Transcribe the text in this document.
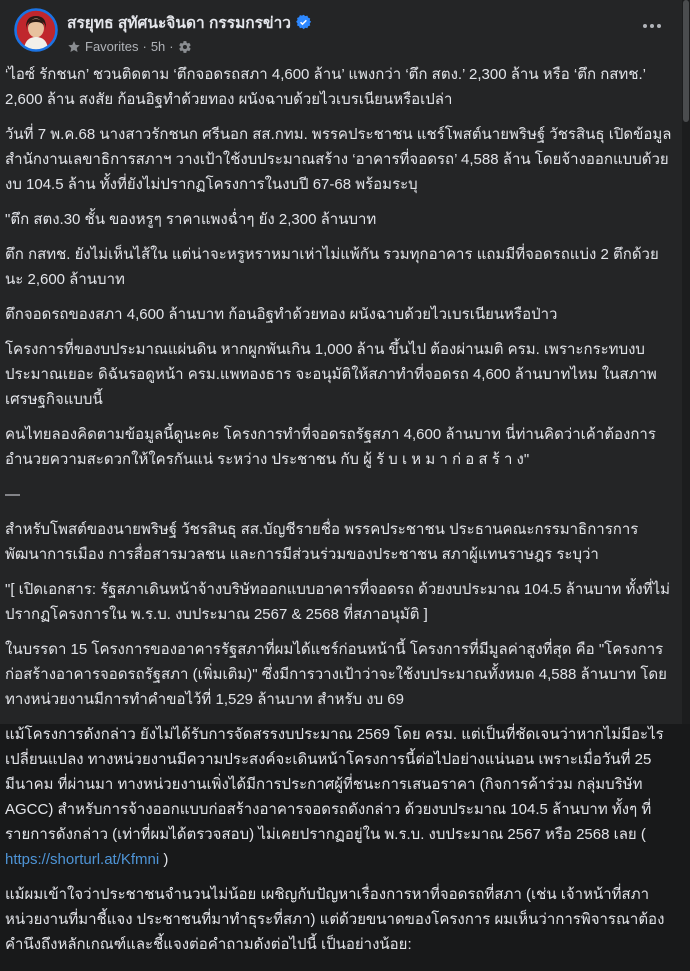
สรยุทธ สุทัศนะจินดา กรรมกรข่าว
Favorites · 5h ·

‘ไอซ์ รักชนก’ ชวนติดตาม ‘ตึกจอดรถสภา 4,600 ล้าน’ แพงกว่า ‘ตึก สตง.’ 2,300 ล้าน หรือ ‘ตึก กสทช.’ 2,600 ล้าน สงสัย ก้อนอิฐทำด้วยทอง ผนังฉาบด้วยไวเบรเนียนหรือเปล่า

วันที่ 7 พ.ค.68 นางสาวรักชนก ศรีนอก สส.กทม. พรรคประชาชน แชร์โพสต์นายพริษฐ์ วัชรสินธุ เปิดข้อมูลสำนักงานเลขาธิการสภาฯ วางเป้าใช้งบประมาณสร้าง ‘อาคารที่จอดรถ’ 4,588 ล้าน โดยจ้างออกแบบด้วยงบ 104.5 ล้าน ทั้งที่ยังไม่ปรากฏโครงการในงบปี 67-68 พร้อมระบุ

"ตึก สตง.30 ชั้น ของหรูๆ ราคาแพงฉ่ำๆ ยัง 2,300 ล้านบาท

ตึก กสทช. ยังไม่เห็นไส้ใน แต่น่าจะหรูหราหมาเห่าไม่แพ้กัน รวมทุกอาคาร แถมมีที่จอดรถแบ่ง 2 ตึกด้วยนะ 2,600 ล้านบาท

ตึกจอดรถของสภา 4,600 ล้านบาท ก้อนอิฐทำด้วยทอง ผนังฉาบด้วยไวเบรเนียนหรือป่าว

โครงการที่ของบประมาณแผ่นดิน หากผูกพันเกิน 1,000 ล้าน ขึ้นไป ต้องผ่านมติ ครม. เพราะกระทบงบประมาณเยอะ ดิฉันรอดูหน้า ครม.แพทองธาร จะอนุมัติให้สภาทำที่จอดรถ 4,600 ล้านบาทไหม ในสภาพเศรษฐกิจแบบนี้

คนไทยลองคิดตามข้อมูลนี้ดูนะคะ โครงการทำที่จอดรถรัฐสภา 4,600 ล้านบาท นี่ท่านคิดว่าเค้าต้องการอำนวยความสะดวกให้ใครกันแน่ ระหว่าง ประชาชน กับ ผู้ รั บ เ ห ม า ก่ อ ส ร้ า ง"

—

สำหรับโพสต์ของนายพริษฐ์ วัชรสินธุ สส.บัญชีรายชื่อ พรรคประชาชน ประธานคณะกรรมาธิการการพัฒนาการเมือง การสื่อสารมวลชน และการมีส่วนร่วมของประชาชน สภาผู้แทนราษฎร ระบุว่า

"[ เปิดเอกสาร: รัฐสภาเดินหน้าจ้างบริษัทออกแบบอาคารที่จอดรถ ด้วยงบประมาณ 104.5 ล้านบาท ทั้งที่ไม่ปรากฏโครงการใน พ.ร.บ. งบประมาณ 2567 & 2568 ที่สภาอนุมัติ ]

ในบรรดา 15 โครงการของอาคารรัฐสภาที่ผมได้แชร์ก่อนหน้านี้ โครงการที่มีมูลค่าสูงที่สุด คือ "โครงการก่อสร้างอาคารจอดรถรัฐสภา (เพิ่มเติม)" ซึ่งมีการวางเป้าว่าจะใช้งบประมาณทั้งหมด 4,588 ล้านบาท โดยทางหน่วยงานมีการทำคำขอไว้ที่ 1,529 ล้านบาท สำหรับ งบ 69

แม้โครงการดังกล่าว ยังไม่ได้รับการจัดสรรงบประมาณ 2569 โดย ครม. แต่เป็นที่ชัดเจนว่าหากไม่มีอะไรเปลี่ยนแปลง ทางหน่วยงานมีความประสงค์จะเดินหน้าโครงการนี้ต่อไปอย่างแน่นอน เพราะเมื่อวันที่ 25 มีนาคม ที่ผ่านมา ทางหน่วยงานเพิ่งได้มีการประกาศผู้ที่ชนะการเสนอราคา (กิจการค้าร่วม กลุ่มบริษัท AGCC) สำหรับการจ้างออกแบบก่อสร้างอาคารจอดรถดังกล่าว ด้วยงบประมาณ 104.5 ล้านบาท ทั้งๆ ที่รายการดังกล่าว (เท่าที่ผมได้ตรวจสอบ) ไม่เคยปรากฏอยู่ใน พ.ร.บ. งบประมาณ 2567 หรือ 2568 เลย ( https://shorturl.at/Kfmni )

แม้ผมเข้าใจว่าประชาชนจำนวนไม่น้อย เผชิญกับปัญหาเรื่องการหาที่จอดรถที่สภา (เช่น เจ้าหน้าที่สภา หน่วยงานที่มาชี้แจง ประชาชนที่มาทำธุระที่สภา) แต่ด้วยขนาดของโครงการ ผมเห็นว่าการพิจารณาต้องคำนึงถึงหลักเกณฑ์และชี้แจงต่อคำถามดังต่อไปนี้ เป็นอย่างน้อย:
